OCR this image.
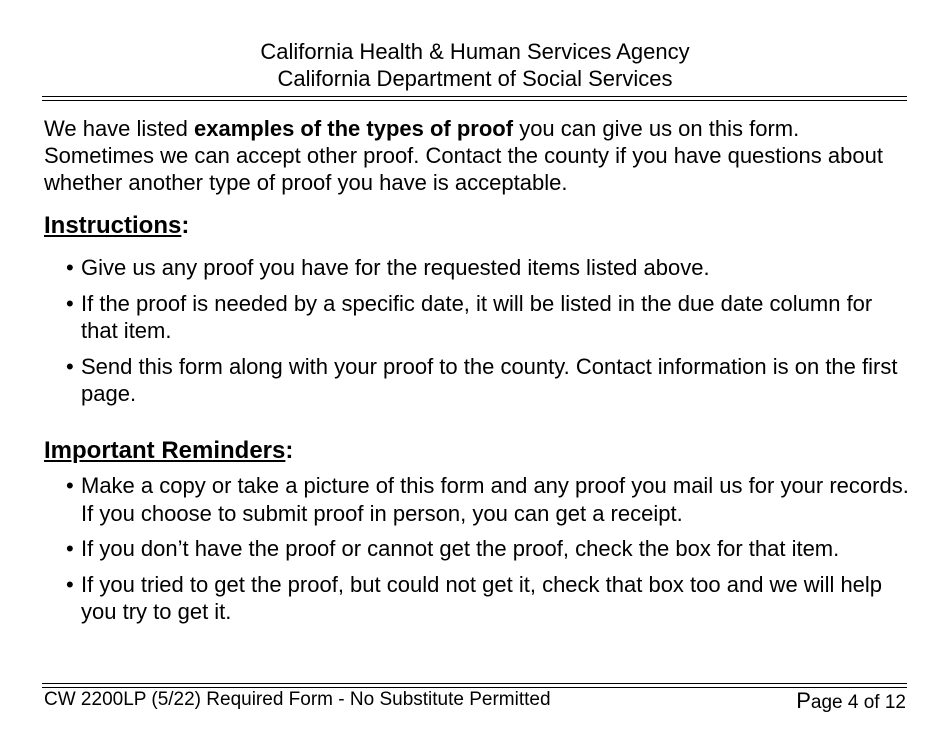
California Health & Human Services Agency
California Department of Social Services
We have listed examples of the types of proof you can give us on this form. Sometimes we can accept other proof. Contact the county if you have questions about whether another type of proof you have is acceptable.
Instructions:
• Give us any proof you have for the requested items listed above.
• If the proof is needed by a specific date, it will be listed in the due date column for that item.
• Send this form along with your proof to the county. Contact information is on the first page.
Important Reminders:
• Make a copy or take a picture of this form and any proof you mail us for your records. If you choose to submit proof in person, you can get a receipt.
• If you don’t have the proof or cannot get the proof, check the box for that item.
• If you tried to get the proof, but could not get it, check that box too and we will help you try to get it.
CW 2200LP (5/22) Required Form - No Substitute Permitted	Page 4 of 12
